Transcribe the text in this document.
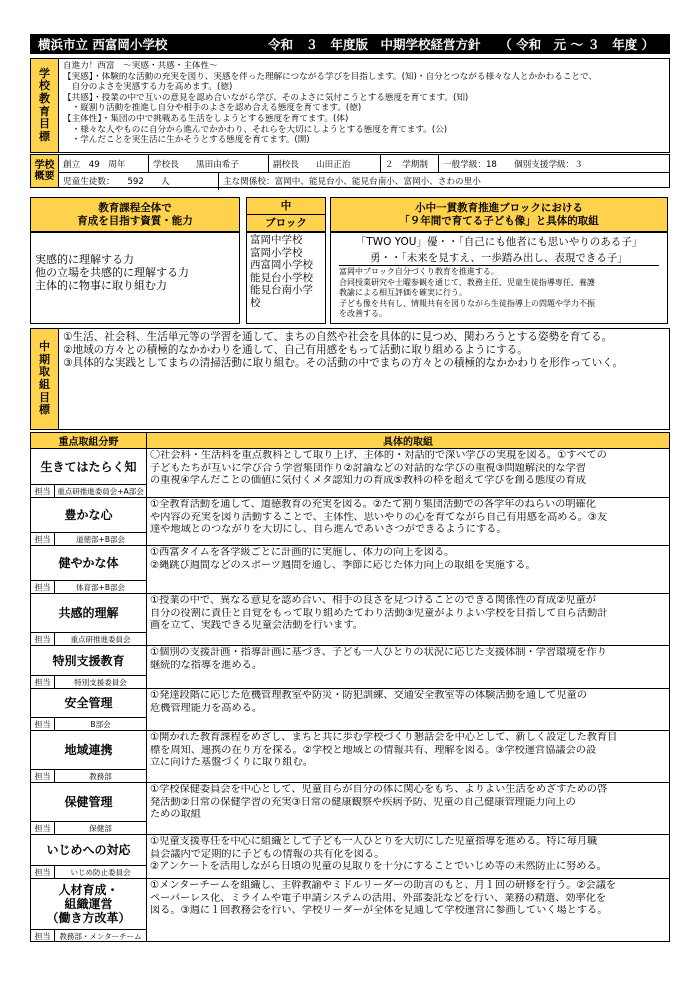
横浜市立 西富岡小学校	令和　３　年度版　中期学校経営方針　　（ 令和　元 ～ ３　年度 ）
学
校
教
育
目
標
自進力！西富　～実感・共感・主体性～
【実感】・体験的な活動の充実を図り、実感を伴った理解につながる学びを目指します。(知)・自分とつながる様々な人とかかわることで、
　自分のよさを実感する力を高めます。(徳)
【共感】・授業の中で互いの意見を認め合いながら学び、そのよさに気付こうとする態度を育てます。(知)
　・縦割り活動を推進し自分や相手のよさを認め合える態度を育てます。(徳)
【主体性】・集団の中で挑戦ある生活をしようとする態度を育てます。(体)
　・様々な人やものに自分から進んでかかわり、それらを大切にしようとする態度を育てます。(公)
　・学んだことを実生活に生かそうとする態度を育てます。(開)
学校
概要
創立　49　周年	学校長　　黒田由希子	副校長　　山田正治	２　学期制	一般学級：18　　個別支援学級：３
児童生徒数：　　592　　人	主な関係校：富岡中、能見台小、能見台南小、富岡小、さわの里小
教育課程全体で
育成を目指す資質・能力
中
ブロック
小中一貫教育推進ブロックにおける
「９年間で育てる子ども像」と具体的取組
実感的に理解する力
他の立場を共感的に理解する力
主体的に物事に取り組む力
富岡中学校
富岡小学校
西富岡小学校
能見台小学校
能見台南小学
校
「TWO YOU」優・・「自己にも他者にも思いやりのある子」
勇・・「未来を見すえ、一歩踏み出し、表現できる子」
富岡中ブロック自分づくり教育を推進する。
合同授業研究や土曜参観を通じて、教務主任、児童生徒指導専任、養護
教諭による相互評価を確実に行う。
子ども像を共有し、情報共有を図りながら生徒指導上の問題や学力不振
を改善する。
中
期
取
組
目
標
①生活、社会科、生活単元等の学習を通して、まちの自然や社会を具体的に見つめ、関わろうとする姿勢を育てる。
②地域の方々との積極的なかかわりを通して、自己有用感をもって活動に取り組めるようにする。
③具体的な実践としてまちの清掃活動に取り組む。その活動の中でまちの方々との積極的なかかわりを形作っていく。
重点取組分野	具体的取組
生きてはたらく知
担当 重点研推進委員会+A部会
〇社会科・生活科を重点教科として取り上げ、主体的・対話的で深い学びの実現を図る。①すべての
子どもたちが互いに学び合う学習集団作り②討論などの対話的な学びの重視③問題解決的な学習
の重視④学んだことの価値に気付くメタ認知力の育成⑤教科の枠を超えて学びを創る態度の育成
豊かな心
担当	道徳部+B部会
①全教育活動を通して、道徳教育の充実を図る。②たて割り集団活動での各学年のねらいの明確化
や内容の充実を図り活動することで、主体性、思いやりの心を育てながら自己有用感を高める。③友
達や地域とのつながりを大切にし、自ら進んであいさつができるようにする。
健やかな体
担当	体育部+B部会
①西富タイムを各学級ごとに計画的に実施し、体力の向上を図る。
②縄跳び週間などのスポーツ週間を通し、季節に応じた体力向上の取組を実施する。
共感的理解
担当	重点研推進委員会
①授業の中で、異なる意見を認め合い、相手の良さを見つけることのできる関係性の育成②児童が
自分の役割に責任と自覚をもって取り組めたてわり活動③児童がよりよい学校を目指して自ら活動計
画を立て、実践できる児童会活動を行います。
特別支援教育
担当	特別支援委員会
①個別の支援計画・指導計画に基づき、子ども一人ひとりの状況に応じた支援体制・学習環境を作り
継続的な指導を進める。
安全管理
担当	B部会
①発達段階に応じた危機管理教室や防災・防犯訓練、交通安全教室等の体験活動を通して児童の
危機管理能力を高める。
地域連携
担当	教務部
①開かれた教育課程をめざし、まちと共に歩む学校づくり懇話会を中心として、新しく設定した教育目
標を周知、連携の在り方を探る。②学校と地域との情報共有、理解を図る。③学校運営協議会の設
立に向けた基盤づくりに取り組む。
保健管理
担当	保健部
①学校保健委員会を中心として、児童自らが自分の体に関心をもち、よりよい生活をめざすための啓
発活動②日常の保健学習の充実③日常の健康観察や疾病予防、児童の自己健康管理能力向上の
ための取組
いじめへの対応
担当	いじめ防止委員会
①児童支援専任を中心に組織として子ども一人ひとりを大切にした児童指導を進める。特に毎月職
員会議内で定期的に子どもの情報の共有化を図る。
②アンケートを活用しながら日頃の児童の見取りを十分にすることでいじめ等の未然防止に努める。
人材育成・
組織運営
（働き方改革）
担当	教務部・メンターチーム
①メンターチームを組織し、主幹教諭やミドルリーダーの助言のもと、月１回の研修を行う。②会議を
ペーパーレス化、ミライムや電子申請システムの活用、外部委託などを行い、業務の精選、効率化を
図る。③週に１回教務会を行い、学校リーダーが全体を見通して学校運営に参画していく場とする。
